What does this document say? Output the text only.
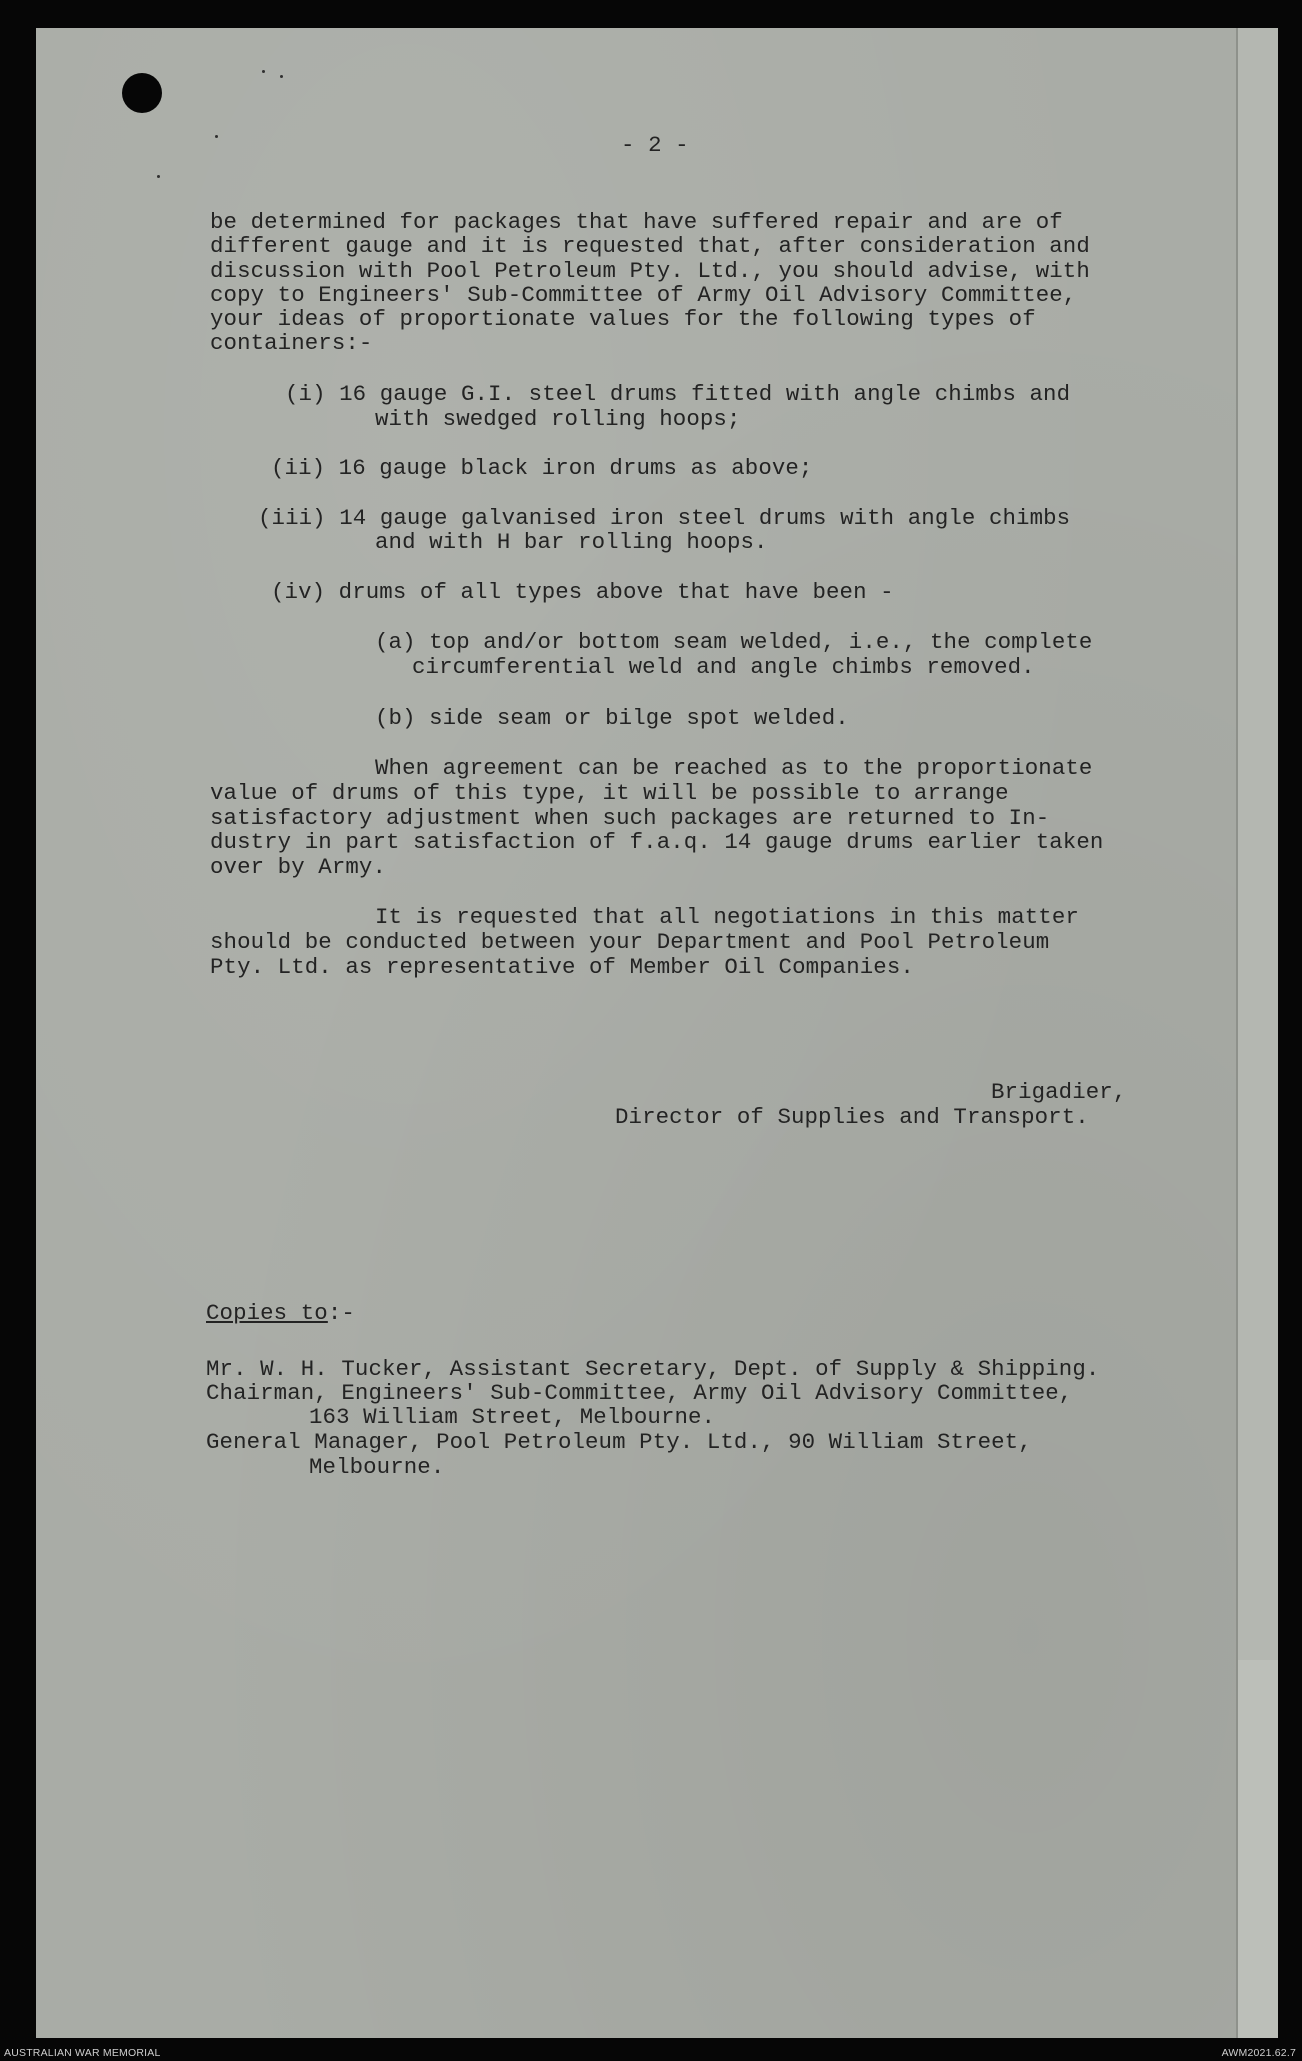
- 2 -

be determined for packages that have suffered repair and are of

different gauge and it is requested that, after consideration and

discussion with Pool Petroleum Pty. Ltd., you should advise, with

copy to Engineers' Sub-Committee of Army Oil Advisory Committee,

your ideas of proportionate values for the following types of

containers:-

(i) 16 gauge G.I. steel drums fitted with angle chimbs and

with swedged rolling hoops;

(ii) 16 gauge black iron drums as above;

(iii) 14 gauge galvanised iron steel drums with angle chimbs

and with H bar rolling hoops.

(iv) drums of all types above that have been -

(a) top and/or bottom seam welded, i.e., the complete

circumferential weld and angle chimbs removed.

(b) side seam or bilge spot welded.

When agreement can be reached as to the proportionate

value of drums of this type, it will be possible to arrange

satisfactory adjustment when such packages are returned to In-

dustry in part satisfaction of f.a.q. 14 gauge drums earlier taken

over by Army.

It is requested that all negotiations in this matter

should be conducted between your Department and Pool Petroleum

Pty. Ltd. as representative of Member Oil Companies.

Brigadier,

Director of Supplies and Transport.

Copies to:-

Mr. W. H. Tucker, Assistant Secretary, Dept. of Supply & Shipping.

Chairman, Engineers' Sub-Committee, Army Oil Advisory Committee,

163 William Street, Melbourne.

General Manager, Pool Petroleum Pty. Ltd., 90 William Street,

Melbourne.

AUSTRALIAN WAR MEMORIAL	AWM2021.62.7
